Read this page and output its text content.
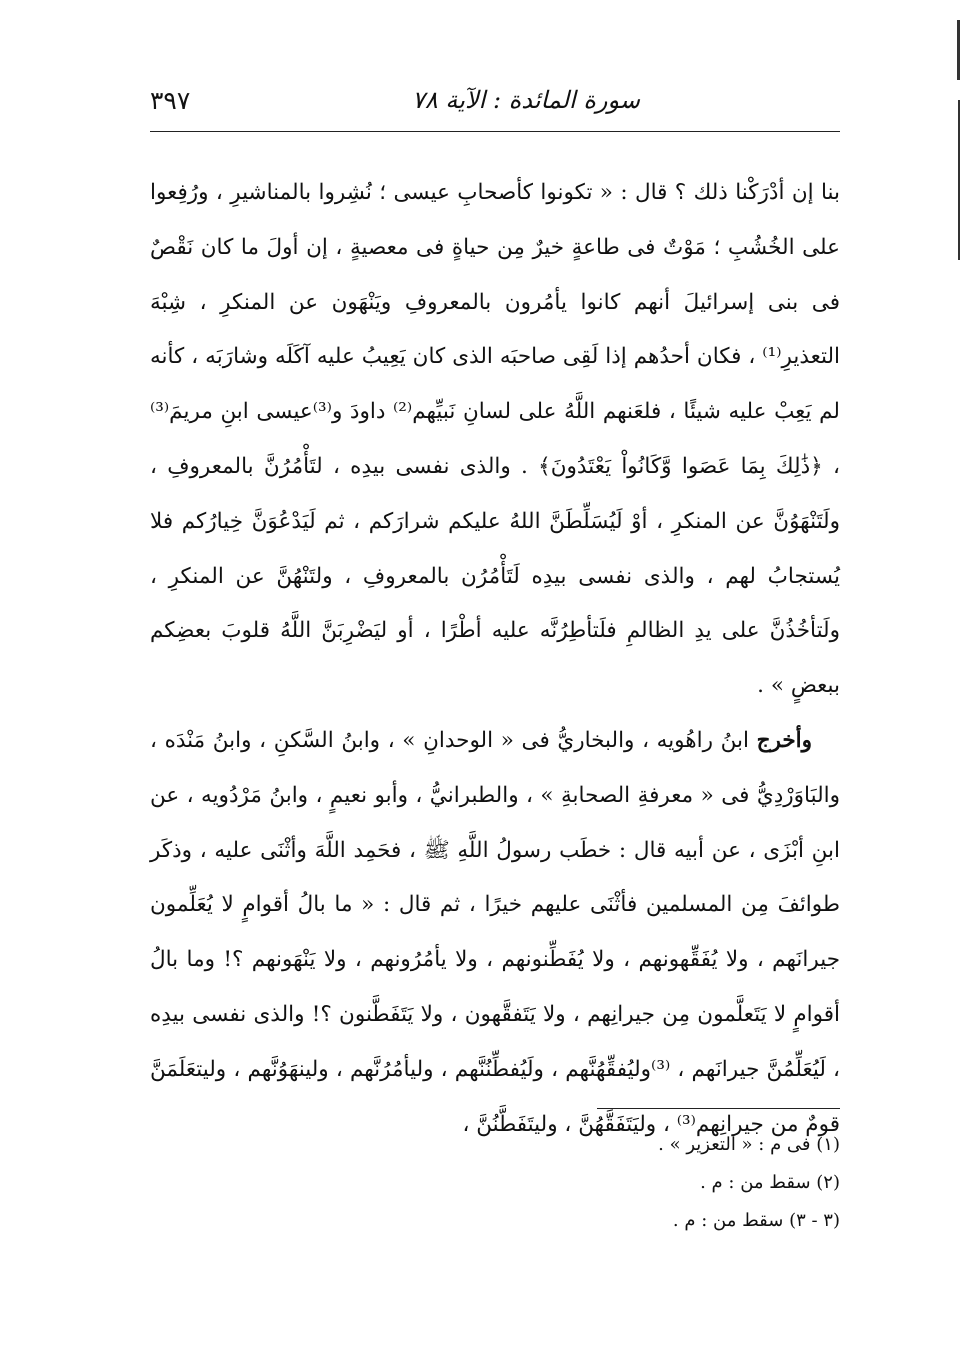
٣٩٧	سورة المائدة : الآية ٧٨

بنا إن أدْرَكْنا ذلك ؟ قال : « تكونوا كأصحابِ عيسى ؛ نُشِروا بالمناشيرِ ، ورُفِعوا على الخُشُبِ ؛ مَوْتٌ فى طاعةٍ خيرٌ مِن حياةٍ فى معصيةٍ ، إن أولَ ما كان نَقْصٌ فى بنى إسرائيلَ أنهم كانوا يأمُرون بالمعروفِ ويَنْهَون عن المنكرِ ، شِبْهَ التعذيرِ⁽¹⁾ ، فكان أحدُهم إذا لَقِى صاحبَه الذى كان يَعِيبُ عليه آكَلَه وشارَبَه ، كأنه لم يَعِبْ عليه شيئًا ، فلعَنهم اللَّهُ على لسانِ نَبيِّهم⁽²⁾ داودَ و⁽³⁾عيسى ابنِ مريمَ⁽³⁾ ، ﴿ذَٰلِكَ بِمَا عَصَوا وَّكَانُواْ يَعْتَدُونَ﴾ . والذى نفسى بيدِه ، لتَأْمُرُنَّ بالمعروفِ ، ولَتَنْهَوُنَّ عن المنكرِ ، أوْ لَيُسَلِّطَنَّ اللهُ عليكم شرارَكم ، ثم لَيَدْعُوَنَّ خِيارُكم فلا يُستجابُ لهم ، والذى نفسى بيدِه لَتَأْمُرُن بالمعروفِ ، ولتَنْهُنَّ عن المنكرِ ، ولَتأخُذُنَّ على يدِ الظالمِ فلَتأطِرُنَّه عليه أطْرًا ، أو ليَضْرِبَنَّ اللَّهُ قلوبَ بعضِكم ببعضٍ » .

وأخرج ابنُ راهُويه ، والبخاريُّ فى « الوحدانِ » ، وابنُ السَّكنِ ، وابنُ مَنْدَه ، والبَاوَرْدِيُّ فى « معرفةِ الصحابةِ » ، والطبرانيُّ ، وأبو نعيمٍ ، وابنُ مَرْدُويه ، عن ابنِ أبْزَى ، عن أبيه قال : خطَب رسولُ اللَّهِ ﷺ ، فحَمِد اللَّهَ وأثْنَى عليه ، وذكَر طوائفَ مِن المسلمين فأثْنَى عليهم خيرًا ، ثم قال : « ما بالُ أقوامٍ لا يُعَلِّمون جيرانَهم ، ولا يُفَقِّهونهم ، ولا يُفَطِّنونهم ، ولا يأمُرُونهم ، ولا يَنْهَونهم ؟! وما بالُ أقوامٍ لا يَتَعلَّمون مِن جيرانِهم ، ولا يَتَفقَّهون ، ولا يَتَفَطَّنون ؟! والذى نفسى بيدِه ، لَيُعَلِّمُنَّ جيرانَهم ، ⁽³⁾وليُفقِّهُنَّهم ، ولَيُفطِّنُنَّهم ، وليأمُرُنَّهم ، ولينهَوُنَّهم ، وليتعَلَمَنَّ قومٌ من جيرانِهم⁽³⁾ ، وليَتَفَقَّهُنَّ ، وليتَفَطَّنُنَّ ،

(١) فى م : « التعزير » .
(٢) سقط من : م .
(٣ - ٣) سقط من : م .
